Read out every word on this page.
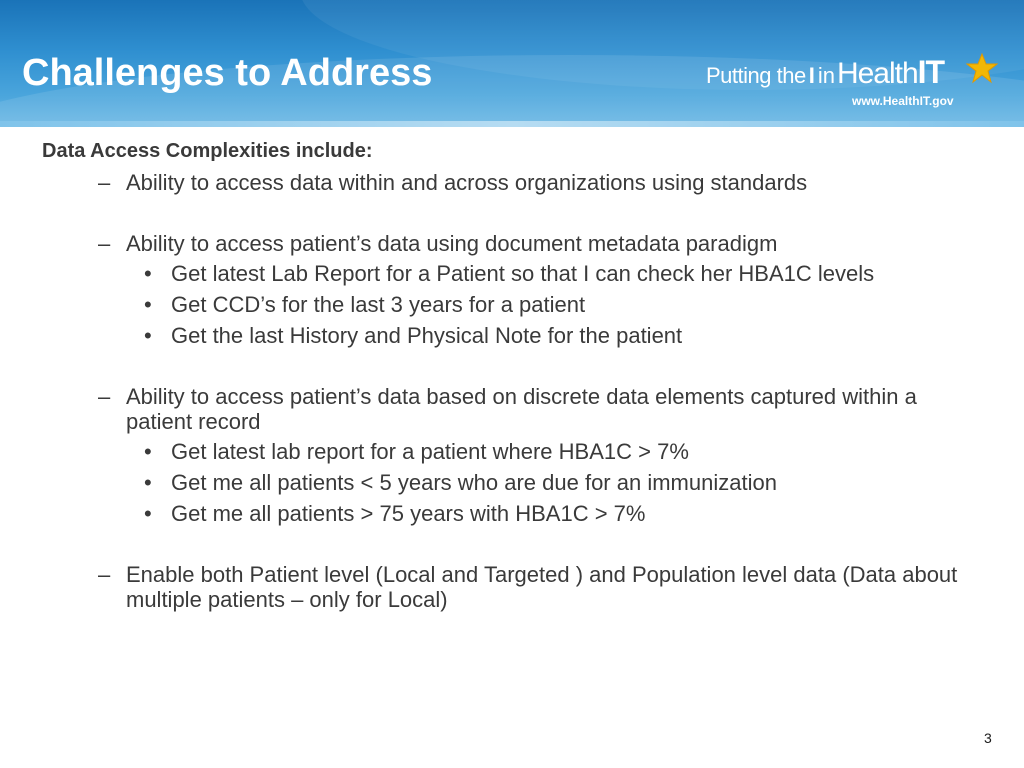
Challenges to Address	Putting the I inHealthIT
www.HealthIT.gov

Data Access Complexities include:

– Ability to access data within and across organizations using standards

– Ability to access patient’s data using document metadata paradigm

• Get latest Lab Report for a Patient so that I can check her HBA1C levels

• Get CCD’s for the last 3 years for a patient

• Get the last History and Physical Note for the patient

– Ability to access patient’s data based on discrete data elements captured within a patient record

• Get latest lab report for a patient where HBA1C > 7%

• Get me all patients < 5 years who are due for an immunization

• Get me all patients > 75 years with HBA1C > 7%

– Enable both Patient level (Local and Targeted ) and Population level data (Data about multiple patients – only for Local)

3
